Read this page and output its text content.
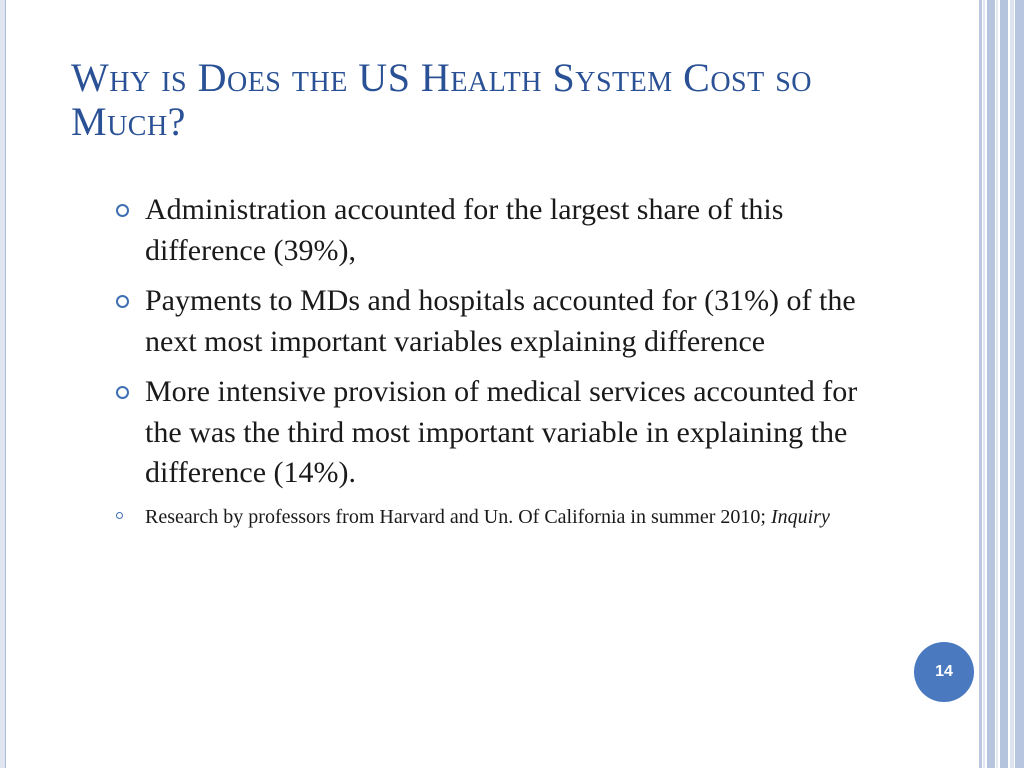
Why is Does the US Health System Cost so Much?
Administration accounted for the largest share of this difference (39%),
Payments to MDs and hospitals accounted for (31%) of the next most important variables explaining difference
More intensive provision of medical services accounted for the was the third most important variable in explaining the difference (14%).
Research by professors from Harvard and Un. Of California in summer 2010; Inquiry
14
